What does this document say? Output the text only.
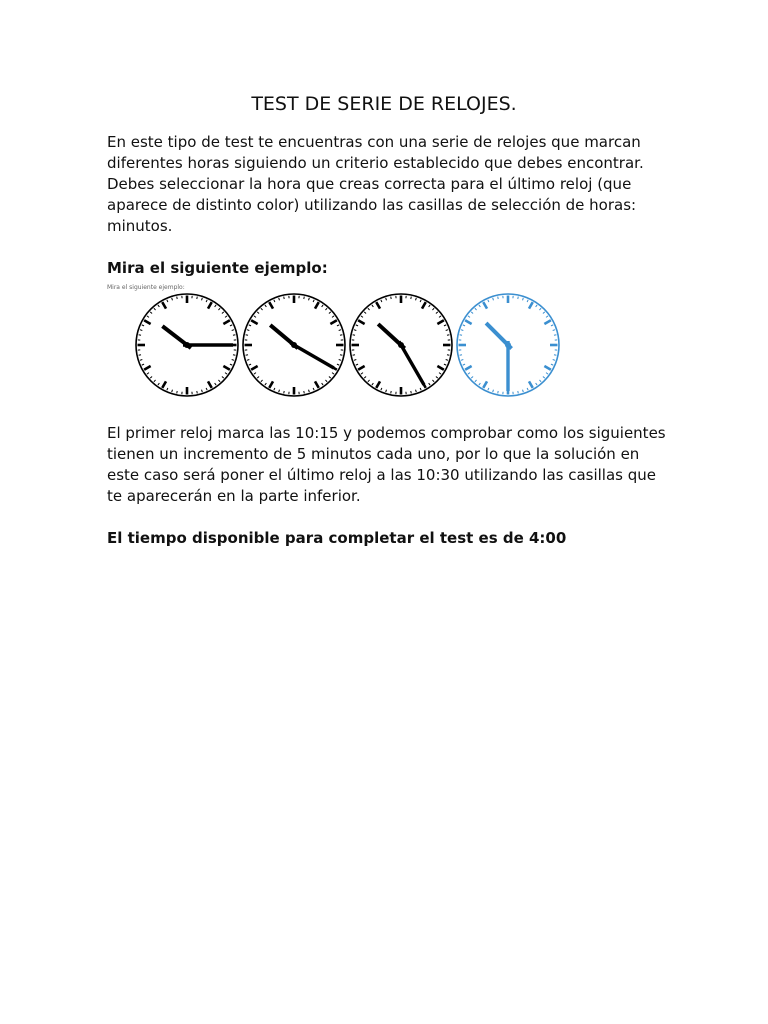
TEST DE SERIE DE RELOJES.

En este tipo de test te encuentras con una serie de relojes que marcan diferentes horas siguiendo un criterio establecido que debes encontrar. Debes seleccionar la hora que creas correcta para el último reloj (que aparece de distinto color) utilizando las casillas de selección de horas: minutos.

Mira el siguiente ejemplo:

Mira el siguiente ejemplo:

El primer reloj marca las 10:15 y podemos comprobar como los siguientes tienen un incremento de 5 minutos cada uno, por lo que la solución en este caso será poner el último reloj a las 10:30 utilizando las casillas que te aparecerán en la parte inferior.

El tiempo disponible para completar el test es de 4:00
